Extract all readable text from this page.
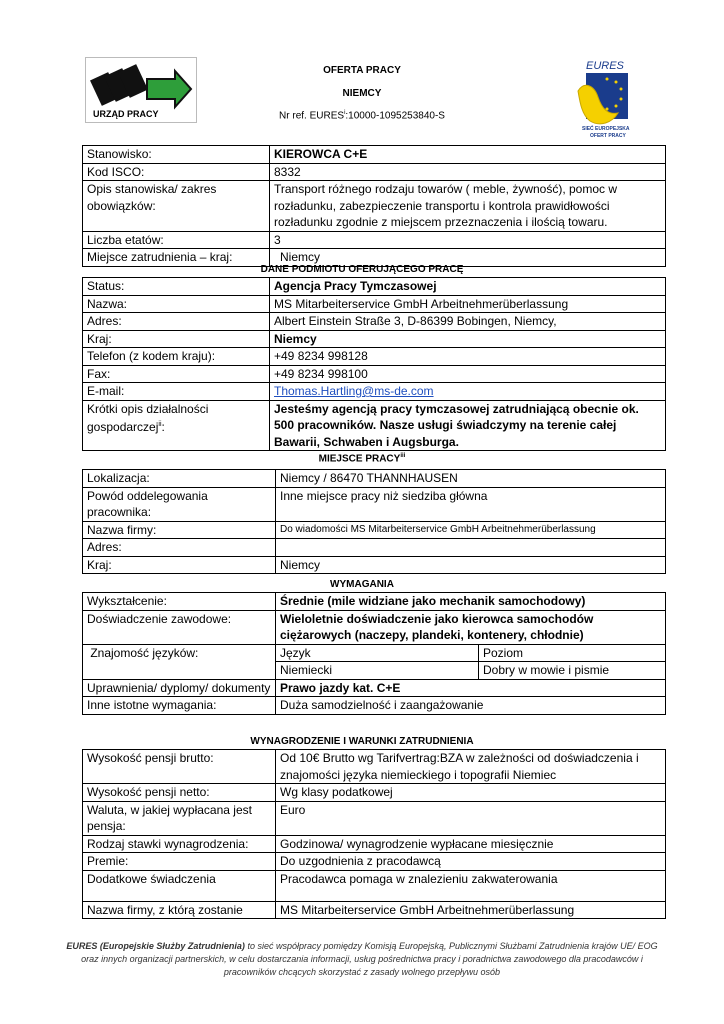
URZĄD PRACY
EURES
SIEĆ EUROPEJSKA
OFERT PRACY
OFERTA PRACY
NIEMCY
Nr ref. EURES$^i$:10000-1095253840-S
Stanowisko:	KIEROWCA C+E
Kod ISCO:	8332
Opis stanowiska/ zakres obowiązków:	Transport różnego rodzaju towarów ( meble, żywność), pomoc w rozładunku, zabezpieczenie transportu i kontrola prawidłowości rozładunku zgodnie z miejscem przeznaczenia i ilością towaru.
Liczba etatów:	3
Miejsce zatrudnienia – kraj:	Niemcy
DANE PODMIOTU OFERUJĄCEGO PRACĘ
Status:	Agencja Pracy Tymczasowej
Nazwa:	MS Mitarbeiterservice GmbH Arbeitnehmerüberlassung
Adres:	Albert Einstein Straße 3, D-86399 Bobingen, Niemcy,
Kraj:	Niemcy
Telefon (z kodem kraju):	+49 8234 998128
Fax:	+49 8234 998100
E-mail:	Thomas.Hartling@ms-de.com
Krótki opis działalności gospodarczej$^{ii}$:	Jesteśmy agencją pracy tymczasowej zatrudniającą obecnie ok. 500 pracowników. Nasze usługi świadczymy na terenie całej Bawarii, Schwaben i Augsburga.
MIEJSCE PRACY$^{iii}$
Lokalizacja:	Niemcy / 86470 THANNHAUSEN
Powód oddelegowania pracownika:	Inne miejsce pracy niż siedziba główna
Nazwa firmy:	Do wiadomości MS Mitarbeiterservice GmbH Arbeitnehmerüberlassung
Adres:	
Kraj:	Niemcy
WYMAGANIA
Wykształcenie:	Średnie (mile widziane jako mechanik samochodowy)	
Doświadczenie zawodowe:	Wieloletnie doświadczenie jako kierowca samochodów ciężarowych (naczepy, plandeki, kontenery, chłodnie)	
Znajomość języków:	Język	Poziom
	Niemiecki	Dobry w mowie i pismie
Uprawnienia/ dyplomy/ dokumenty	Prawo jazdy kat. C+E	
Inne istotne wymagania:	Duża samodzielność i zaangażowanie	
WYNAGRODZENIE I WARUNKI ZATRUDNIENIA
Wysokość pensji brutto:	Od 10€ Brutto wg Tarifvertrag:BZA w zależności od doświadczenia i znajomości języka niemieckiego i topografii Niemiec
Wysokość pensji netto:	Wg klasy podatkowej
Waluta, w jakiej wypłacana jest pensja:	Euro
Rodzaj stawki wynagrodzenia:	Godzinowa/ wynagrodzenie wypłacane miesięcznie
Premie:	Do uzgodnienia z pracodawcą
Dodatkowe świadczenia	Pracodawca pomaga w znalezieniu zakwaterowania
Nazwa firmy, z którą zostanie	MS Mitarbeiterservice GmbH Arbeitnehmerüberlassung
EURES (Europejskie Służby Zatrudnienia) to sieć współpracy pomiędzy Komisją Europejską, Publicznymi Służbami Zatrudnienia krajów UE/ EOG oraz innych organizacji partnerskich, w celu dostarczania informacji, usług pośrednictwa pracy i poradnictwa zawodowego dla pracodawców i pracowników chcących skorzystać z zasady wolnego przepływu osób
